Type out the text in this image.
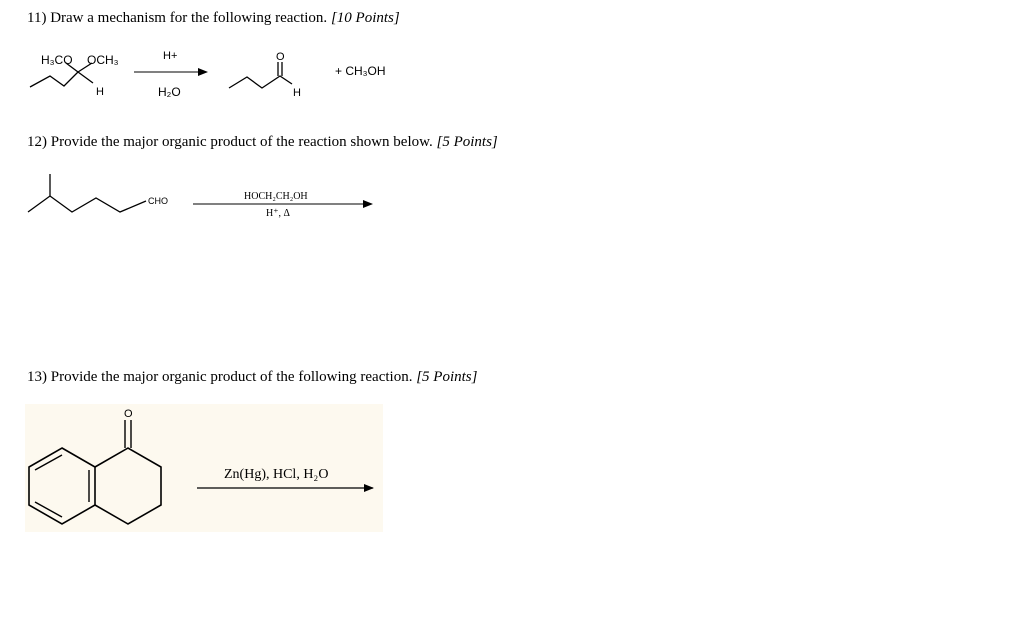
11) Draw a mechanism for the following reaction. [10 Points]
12) Provide the major organic product of the reaction shown below. [5 Points]
13) Provide the major organic product of the following reaction. [5 Points]
H₃CO OCH₃
H
H+
H₂O
O
H
+ CH₃OH
CHO	HOCH₂CH₂OH
H⁺, Δ
O
Zn(Hg), HCl, H₂O
